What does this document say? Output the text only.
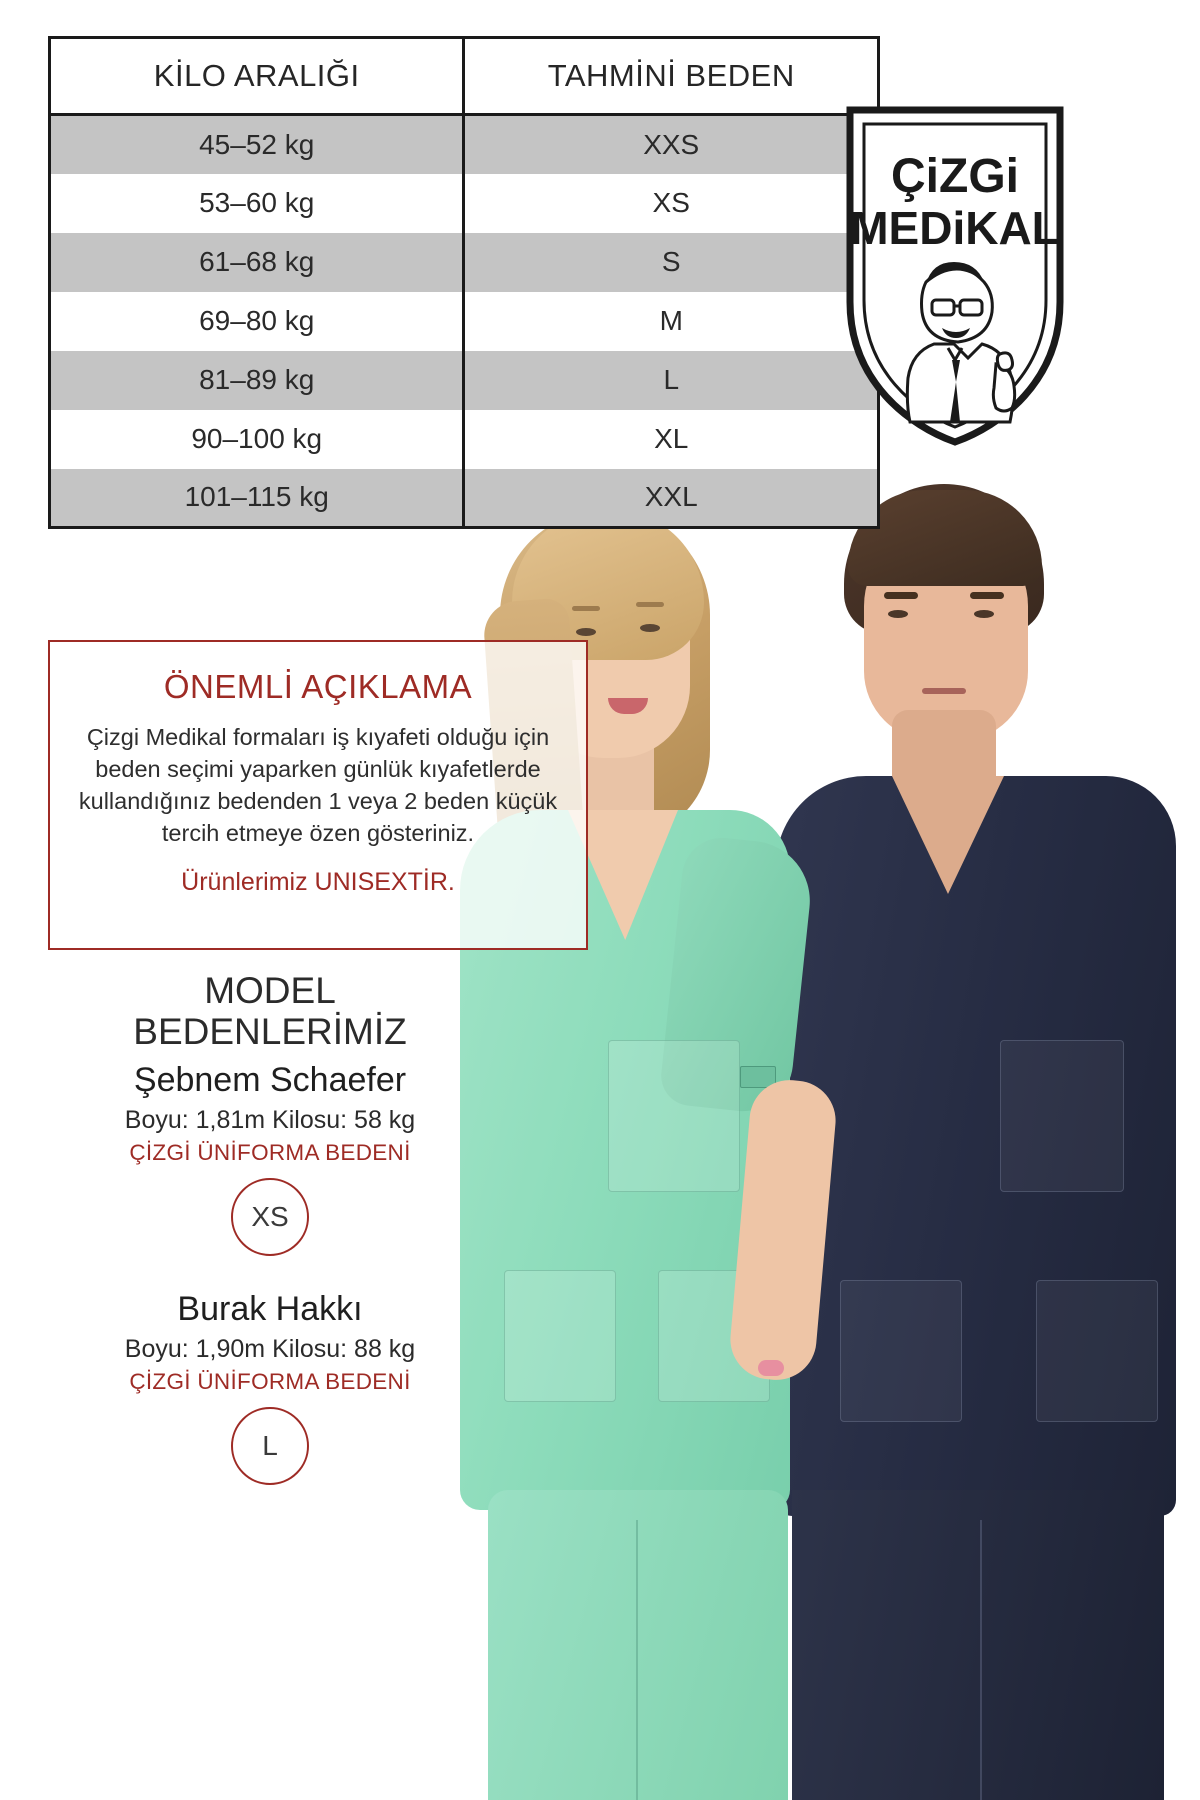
KİLO ARALIĞI	TAHMİNİ BEDEN
45–52 kg	XXS
53–60 kg	XS
61–68 kg	S
69–80 kg	M
81–89 kg	L
90–100 kg	XL
101–115 kg	XXL
ÇiZGi
MEDiKAL
ÖNEMLİ AÇIKLAMA
Çizgi Medikal formaları iş kıyafeti olduğu için beden seçimi yaparken günlük kıyafetlerde kullandığınız bedenden 1 veya 2 beden küçük tercih etmeye özen gösteriniz.
Ürünlerimiz UNISEXTİR.
MODEL
BEDENLERİMİZ
Şebnem Schaefer
Boyu: 1,81m Kilosu: 58 kg
ÇİZGİ ÜNİFORMA BEDENİ
XS
Burak Hakkı
Boyu: 1,90m Kilosu: 88 kg
ÇİZGİ ÜNİFORMA BEDENİ
L
